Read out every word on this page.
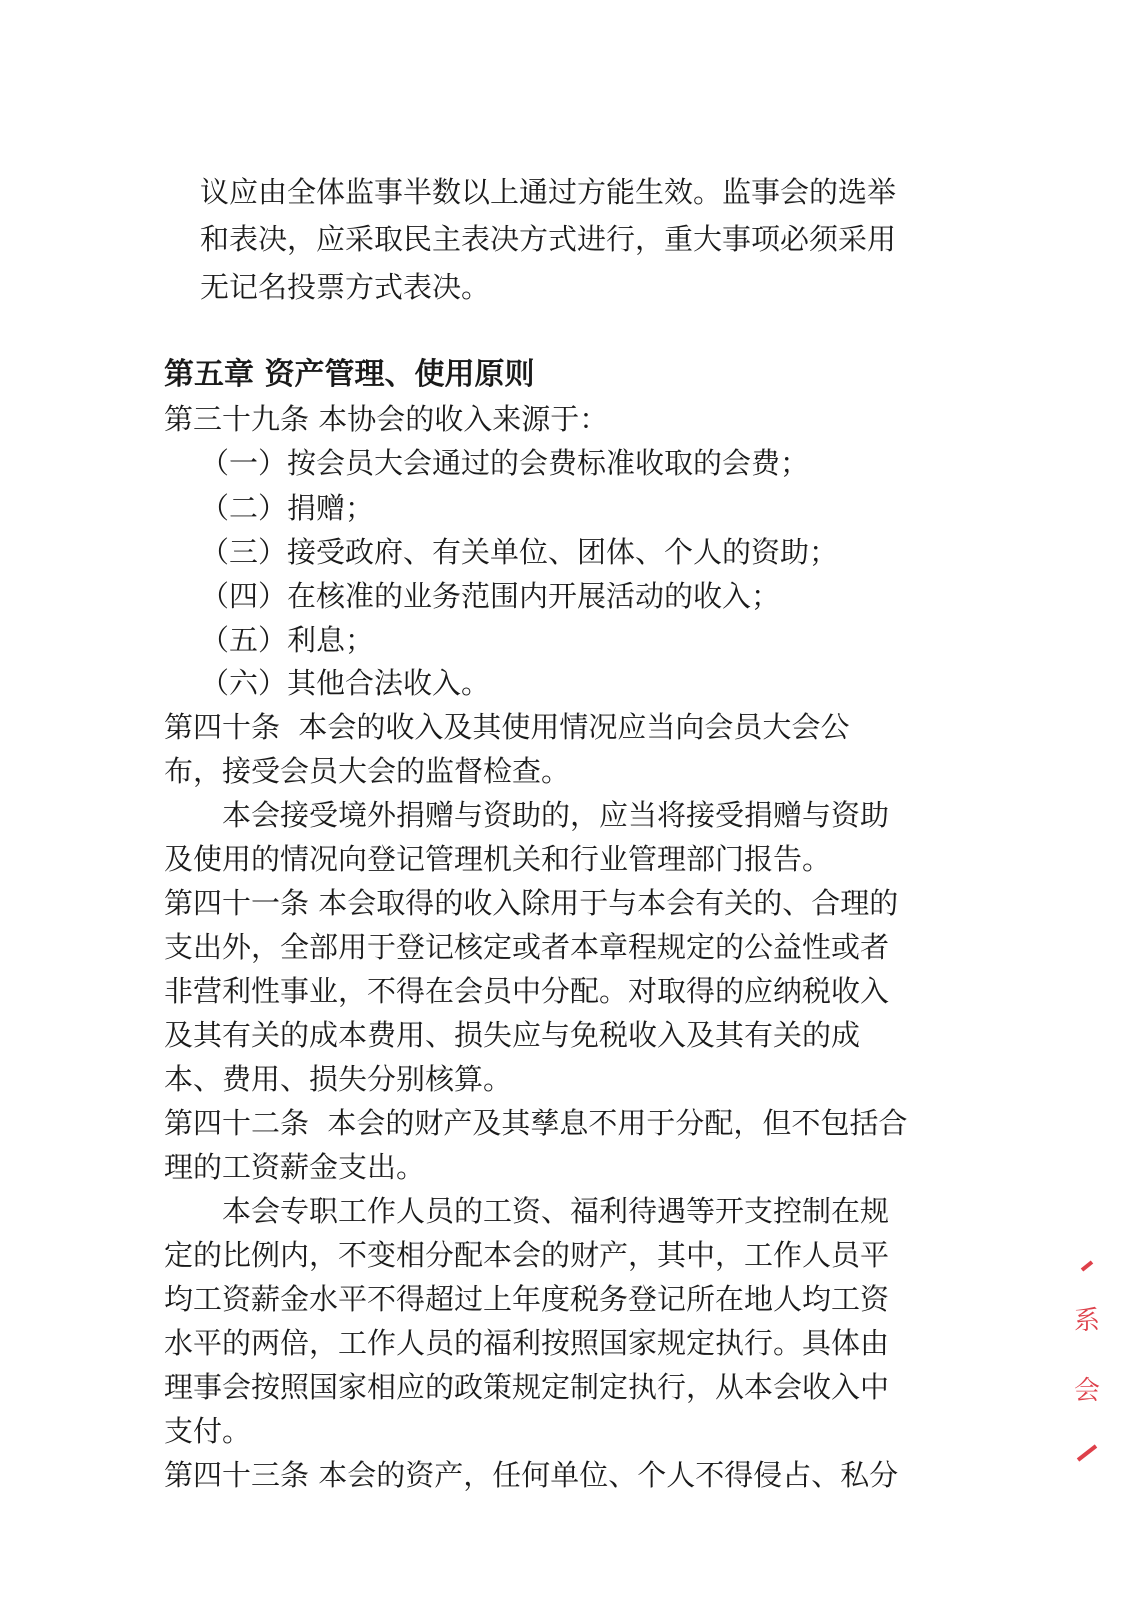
议应由全体监事半数以上通过方能生效。监事会的选举
和表决，应采取民主表决方式进行，重大事项必须采用
无记名投票方式表决。
第五章 资产管理、使用原则
第三十九条 本协会的收入来源于：
（一）按会员大会通过的会费标准收取的会费；
（二）捐赠；
（三）接受政府、有关单位、团体、个人的资助；
（四）在核准的业务范围内开展活动的收入；
（五）利息；
（六）其他合法收入。
第四十条  本会的收入及其使用情况应当向会员大会公
布，接受会员大会的监督检查。
本会接受境外捐赠与资助的，应当将接受捐赠与资助
及使用的情况向登记管理机关和行业管理部门报告。
第四十一条 本会取得的收入除用于与本会有关的、合理的
支出外，全部用于登记核定或者本章程规定的公益性或者
非营利性事业，不得在会员中分配。对取得的应纳税收入
及其有关的成本费用、损失应与免税收入及其有关的成
本、费用、损失分别核算。
第四十二条  本会的财产及其孳息不用于分配，但不包括合
理的工资薪金支出。
本会专职工作人员的工资、福利待遇等开支控制在规
定的比例内，不变相分配本会的财产，其中，工作人员平
均工资薪金水平不得超过上年度税务登记所在地人均工资
水平的两倍，工作人员的福利按照国家规定执行。具体由
理事会按照国家相应的政策规定制定执行，从本会收入中
支付。
第四十三条 本会的资产，任何单位、个人不得侵占、私分
系
会
